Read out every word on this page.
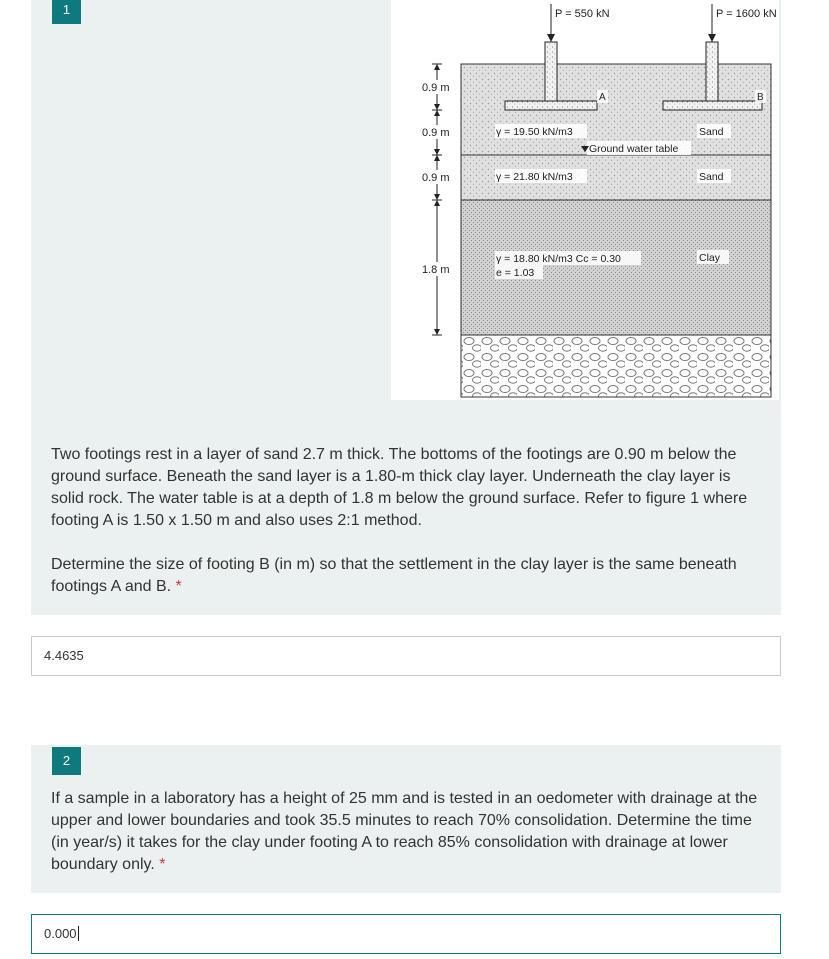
1	P = 550 kN	P = 1600 kN
A	B
0.9 m
0.9 m
0.9 m
1.8 m
γ = 19.50 kN/m3	Sand
Ground water table
γ = 21.80 kN/m3	Sand
γ = 18.80 kN/m3 Cc = 0.30
e = 1.03
Clay

Two footings rest in a layer of sand 2.7 m thick. The bottoms of the footings are 0.90 m below the ground surface. Beneath the sand layer is a 1.80-m thick clay layer. Underneath the clay layer is solid rock. The water table is at a depth of 1.8 m below the ground surface. Refer to figure 1 where footing A is 1.50 x 1.50 m and also uses 2:1 method.

Determine the size of footing B (in m) so that the settlement in the clay layer is the same beneath footings A and B. *

4.4635
2

If a sample in a laboratory has a height of 25 mm and is tested in an oedometer with drainage at the upper and lower boundaries and took 35.5 minutes to reach 70% consolidation. Determine the time (in year/s) it takes for the clay under footing A to reach 85% consolidation with drainage at lower boundary only. *

0.000
